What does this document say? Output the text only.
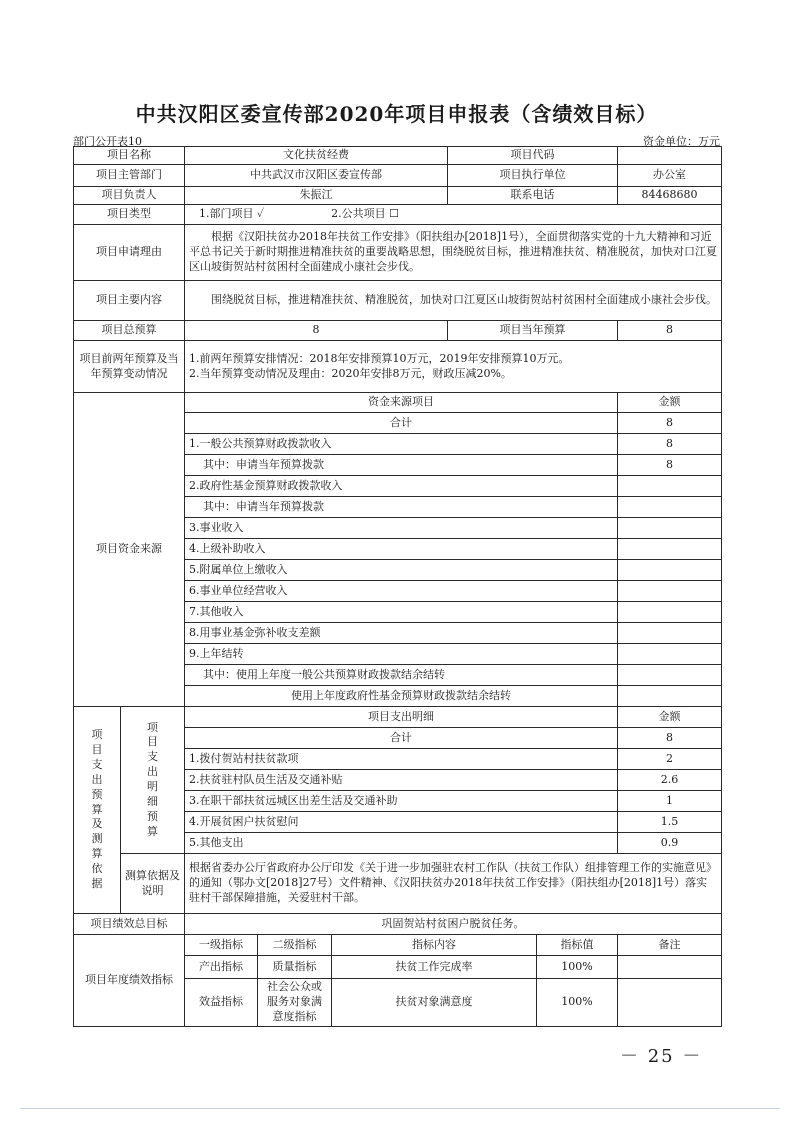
中共汉阳区委宣传部2020年项目申报表（含绩效目标）
部门公开表10	资金单位：万元
项目名称		文化扶贫经费			项目代码		
项目主管部门		中共武汉市汉阳区委宣传部			项目执行单位		办公室
项目负责人		朱振江			联系电话		84468680
项目类型		1.部门项目 ✓ 2.公共项目 ☐					
项目申请理由		根据《汉阳扶贫办2018年扶贫工作安排》（阳扶组办[2018]1号），全面贯彻落实党的十九大精神和习近平总书记关于新时期推进精准扶贫的重要战略思想，围绕脱贫目标，推进精准扶贫、精准脱贫，加快对口江夏区山坡街贺站村贫困村全面建成小康社会步伐。					
项目主要内容		围绕脱贫目标，推进精准扶贫、精准脱贫，加快对口江夏区山坡街贺站村贫困村全面建成小康社会步伐。					
项目总预算		8			项目当年预算		8
项目前两年预算及当年预算变动情况		1.前两年预算安排情况：2018年安排预算10万元，2019年安排预算10万元。
2.当年预算变动情况及理由：2020年安排8万元，财政压减20%。					

项目资金来源		资金来源项目					金额
		合计					8
		1.一般公共预算财政拨款收入					8
		其中：申请当年预算拨款					8
		2.政府性基金预算财政拨款收入					
		其中：申请当年预算拨款					
		3.事业收入					
		4.上级补助收入					
		5.附属单位上缴收入					
		6.事业单位经营收入					
		7.其他收入					
		8.用事业基金弥补收支差额					
		9.上年结转					
		其中：使用上年度一般公共预算财政拨款结余结转					
		使用上年度政府性基金预算财政拨款结余结转					
项目支出预算及测算依据	项目支出明细预算	项目支出明细					金额
		合计					8
		1.拨付贺站村扶贫款项					2
		2.扶贫驻村队员生活及交通补贴					2.6
		3.在职干部扶贫远城区出差生活及交通补助					1
		4.开展贫困户扶贫慰问					1.5
		5.其他支出					0.9
	测算依据及说明	根据省委办公厅省政府办公厅印发《关于进一步加强驻农村工作队（扶贫工作队）组排管理工作的实施意见》的通知（鄂办文[2018]27号）文件精神、《汉阳扶贫办2018年扶贫工作安排》（阳扶组办[2018]1号）落实驻村干部保障措施，关爱驻村干部。					
项目绩效总目标		巩固贺站村贫困户脱贫任务。					
项目年度绩效指标		一级指标	二级指标	指标内容		指标值	备注
		产出指标	质量指标	扶贫工作完成率		100%	
		效益指标	社会公众或服务对象满意度指标	扶贫对象满意度		100%	
－ 25 －
